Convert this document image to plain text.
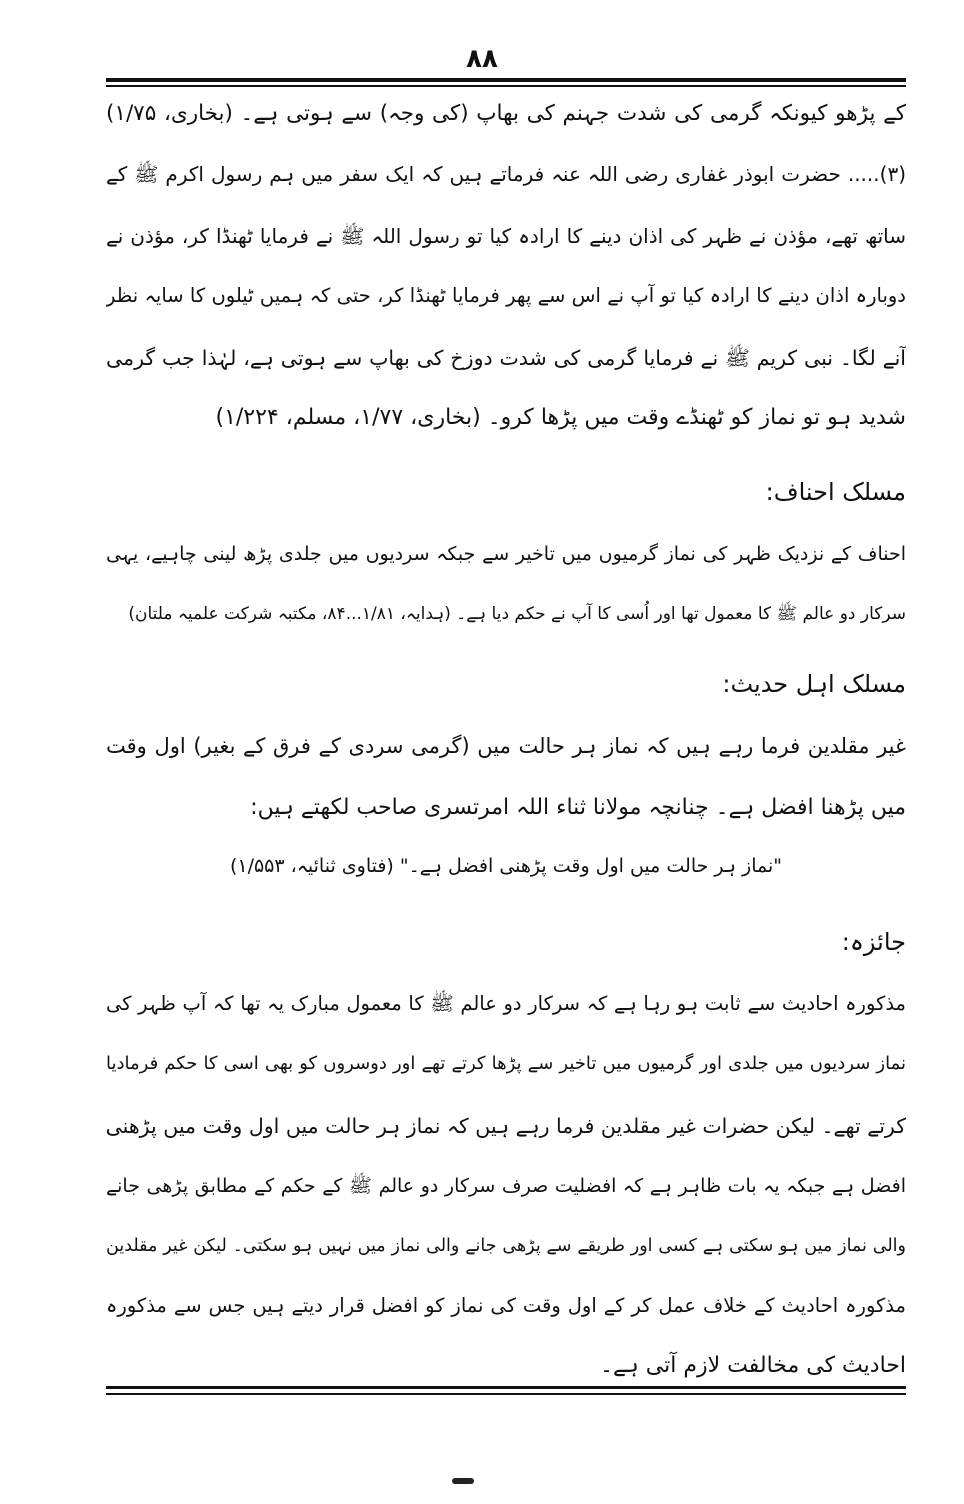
۸۸
کے پڑھو کیونکہ گرمی کی شدت جہنم کی بھاپ (کی وجہ) سے ہوتی ہے۔ (بخاری، ۱/۷۵)
(۳)..... حضرت ابوذر غفاری رضی اللہ عنہ فرماتے ہیں کہ ایک سفر میں ہم رسول اکرم ﷺ کے
ساتھ تھے، مؤذن نے ظہر کی اذان دینے کا ارادہ کیا تو رسول اللہ ﷺ نے فرمایا ٹھنڈا کر، مؤذن نے
دوبارہ اذان دینے کا ارادہ کیا تو آپ نے اس سے پھر فرمایا ٹھنڈا کر، حتی کہ ہمیں ٹیلوں کا سایہ نظر
آنے لگا۔ نبی کریم ﷺ نے فرمایا گرمی کی شدت دوزخ کی بھاپ سے ہوتی ہے، لہٰذا جب گرمی
شدید ہو تو نماز کو ٹھنڈے وقت میں پڑھا کرو۔ (بخاری، ۱/۷۷، مسلم، ۱/۲۲۴)
مسلک احناف:
احناف کے نزدیک ظہر کی نماز گرمیوں میں تاخیر سے جبکہ سردیوں میں جلدی پڑھ لینی چاہیے، یہی
سرکار دو عالم ﷺ کا معمول تھا اور اُسی کا آپ نے حکم دیا ہے۔ (ہدایہ، ۱/۸۱...۸۴، مکتبہ شرکت علمیہ ملتان)
مسلک اہل حدیث:
غیر مقلدین فرما رہے ہیں کہ نماز ہر حالت میں (گرمی سردی کے فرق کے بغیر) اول وقت
میں پڑھنا افضل ہے۔ چنانچہ مولانا ثناء اللہ امرتسری صاحب لکھتے ہیں:
"نماز ہر حالت میں اول وقت پڑھنی افضل ہے۔" (فتاوی ثنائیہ، ۱/۵۵۳)
جائزہ:
مذکورہ احادیث سے ثابت ہو رہا ہے کہ سرکار دو عالم ﷺ کا معمول مبارک یہ تھا کہ آپ ظہر کی
نماز سردیوں میں جلدی اور گرمیوں میں تاخیر سے پڑھا کرتے تھے اور دوسروں کو بھی اسی کا حکم فرمادیا
کرتے تھے۔ لیکن حضرات غیر مقلدین فرما رہے ہیں کہ نماز ہر حالت میں اول وقت میں پڑھنی
افضل ہے جبکہ یہ بات ظاہر ہے کہ افضلیت صرف سرکار دو عالم ﷺ کے حکم کے مطابق پڑھی جانے
والی نماز میں ہو سکتی ہے کسی اور طریقے سے پڑھی جانے والی نماز میں نہیں ہو سکتی۔ لیکن غیر مقلدین
مذکورہ احادیث کے خلاف عمل کر کے اول وقت کی نماز کو افضل قرار دیتے ہیں جس سے مذکورہ
احادیث کی مخالفت لازم آتی ہے۔
